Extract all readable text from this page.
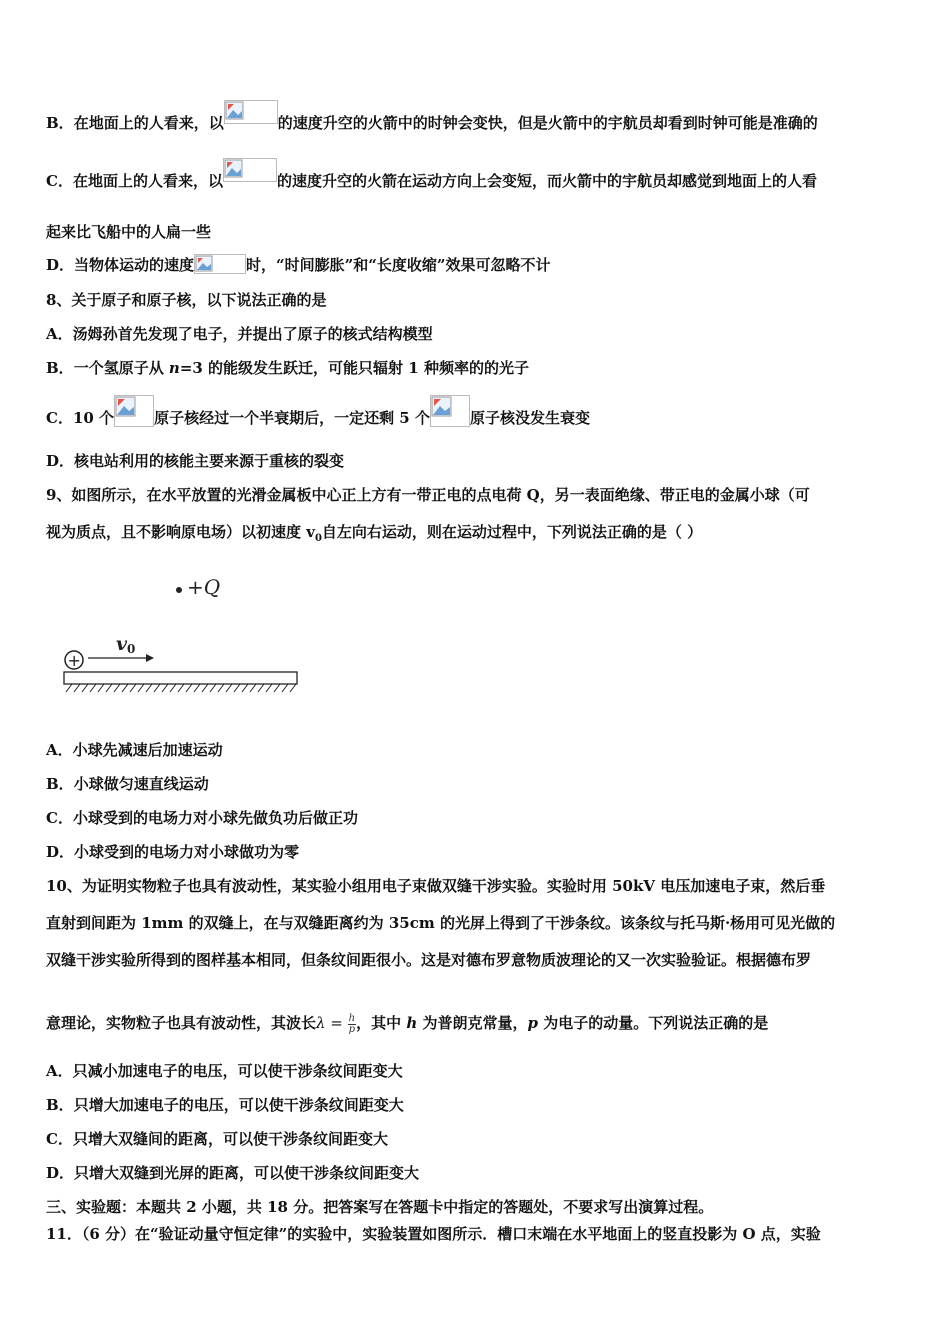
B．在地面上的人看来，以	的速度升空的火箭中的时钟会变快，但是火箭中的宇航员却看到时钟可能是准确的
C．在地面上的人看来，以	的速度升空的火箭在运动方向上会变短，而火箭中的宇航员却感觉到地面上的人看
起来比飞船中的人扁一些
D．当物体运动的速度	时，“时间膨胀”和“长度收缩”效果可忽略不计
8、关于原子和原子核，以下说法正确的是
A．汤姆孙首先发现了电子，并提出了原子的核式结构模型
B．一个氢原子从 n=3 的能级发生跃迁，可能只辐射 1 种频率的的光子
C．10 个	原子核经过一个半衰期后，一定还剩 5 个	原子核没发生衰变
D．核电站利用的核能主要来源于重核的裂变
9、如图所示，在水平放置的光滑金属板中心正上方有一带正电的点电荷 Q，另一表面绝缘、带正电的金属小球（可
视为质点，且不影响原电场）以初速度 $v_0$自左向右运动，则在运动过程中，下列说法正确的是（ ）
+Q
+
v0
A．小球先减速后加速运动
B．小球做匀速直线运动
C．小球受到的电场力对小球先做负功后做正功
D．小球受到的电场力对小球做功为零
10、为证明实物粒子也具有波动性，某实验小组用电子束做双缝干涉实验。实验时用 50kV 电压加速电子束，然后垂
直射到间距为 1mm 的双缝上，在与双缝距离约为 35cm 的光屏上得到了干涉条纹。该条纹与托马斯·杨用可见光做的
双缝干涉实验所得到的图样基本相同，但条纹间距很小。这是对德布罗意物质波理论的又一次实验验证。根据德布罗
意理论，实物粒子也具有波动性，其波长$\lambda = \frac{h}{p}$ ，其中 h 为普朗克常量，p 为电子的动量。下列说法正确的是
A．只减小加速电子的电压，可以使干涉条纹间距变大
B．只增大加速电子的电压，可以使干涉条纹间距变大
C．只增大双缝间的距离，可以使干涉条纹间距变大
D．只增大双缝到光屏的距离，可以使干涉条纹间距变大
三、实验题：本题共 2 小题，共 18 分。把答案写在答题卡中指定的答题处，不要求写出演算过程。
11．（6 分）在“验证动量守恒定律”的实验中，实验装置如图所示．槽口末端在水平地面上的竖直投影为 O 点，实验
